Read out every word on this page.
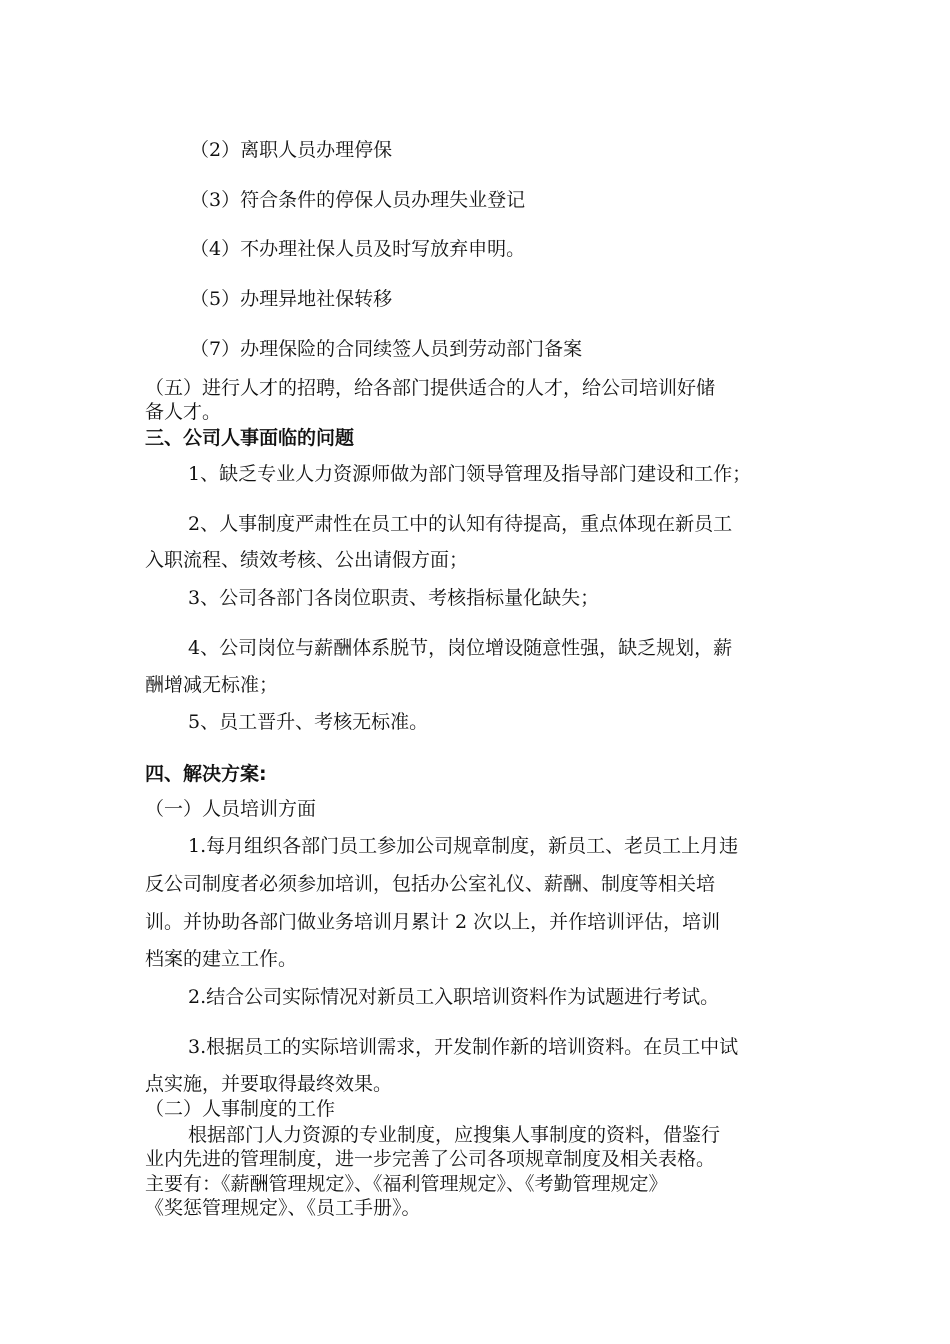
（2）离职人员办理停保

（3）符合条件的停保人员办理失业登记

（4）不办理社保人员及时写放弃申明。

（5）办理异地社保转移

（7）办理保险的合同续签人员到劳动部门备案

（五）进行人才的招聘，给各部门提供适合的人才，给公司培训好储

备人才。

三、公司人事面临的问题

1、缺乏专业人力资源师做为部门领导管理及指导部门建设和工作；

2、人事制度严肃性在员工中的认知有待提高，重点体现在新员工

入职流程、绩效考核、公出请假方面；

3、公司各部门各岗位职责、考核指标量化缺失；

4、公司岗位与薪酬体系脱节，岗位增设随意性强，缺乏规划，薪

酬增减无标准；

5、员工晋升、考核无标准。

四、解决方案:

（一）人员培训方面

1.每月组织各部门员工参加公司规章制度，新员工、老员工上月违

反公司制度者必须参加培训，包括办公室礼仪、薪酬、制度等相关培

训。并协助各部门做业务培训月累计 2 次以上，并作培训评估，培训

档案的建立工作。

2.结合公司实际情况对新员工入职培训资料作为试题进行考试。

3.根据员工的实际培训需求，开发制作新的培训资料。在员工中试

点实施，并要取得最终效果。

（二）人事制度的工作

根据部门人力资源的专业制度，应搜集人事制度的资料，借鉴行

业内先进的管理制度，进一步完善了公司各项规章制度及相关表格。

主要有：《薪酬管理规定》、《福利管理规定》、《考勤管理规定》

《奖惩管理规定》、《员工手册》。
